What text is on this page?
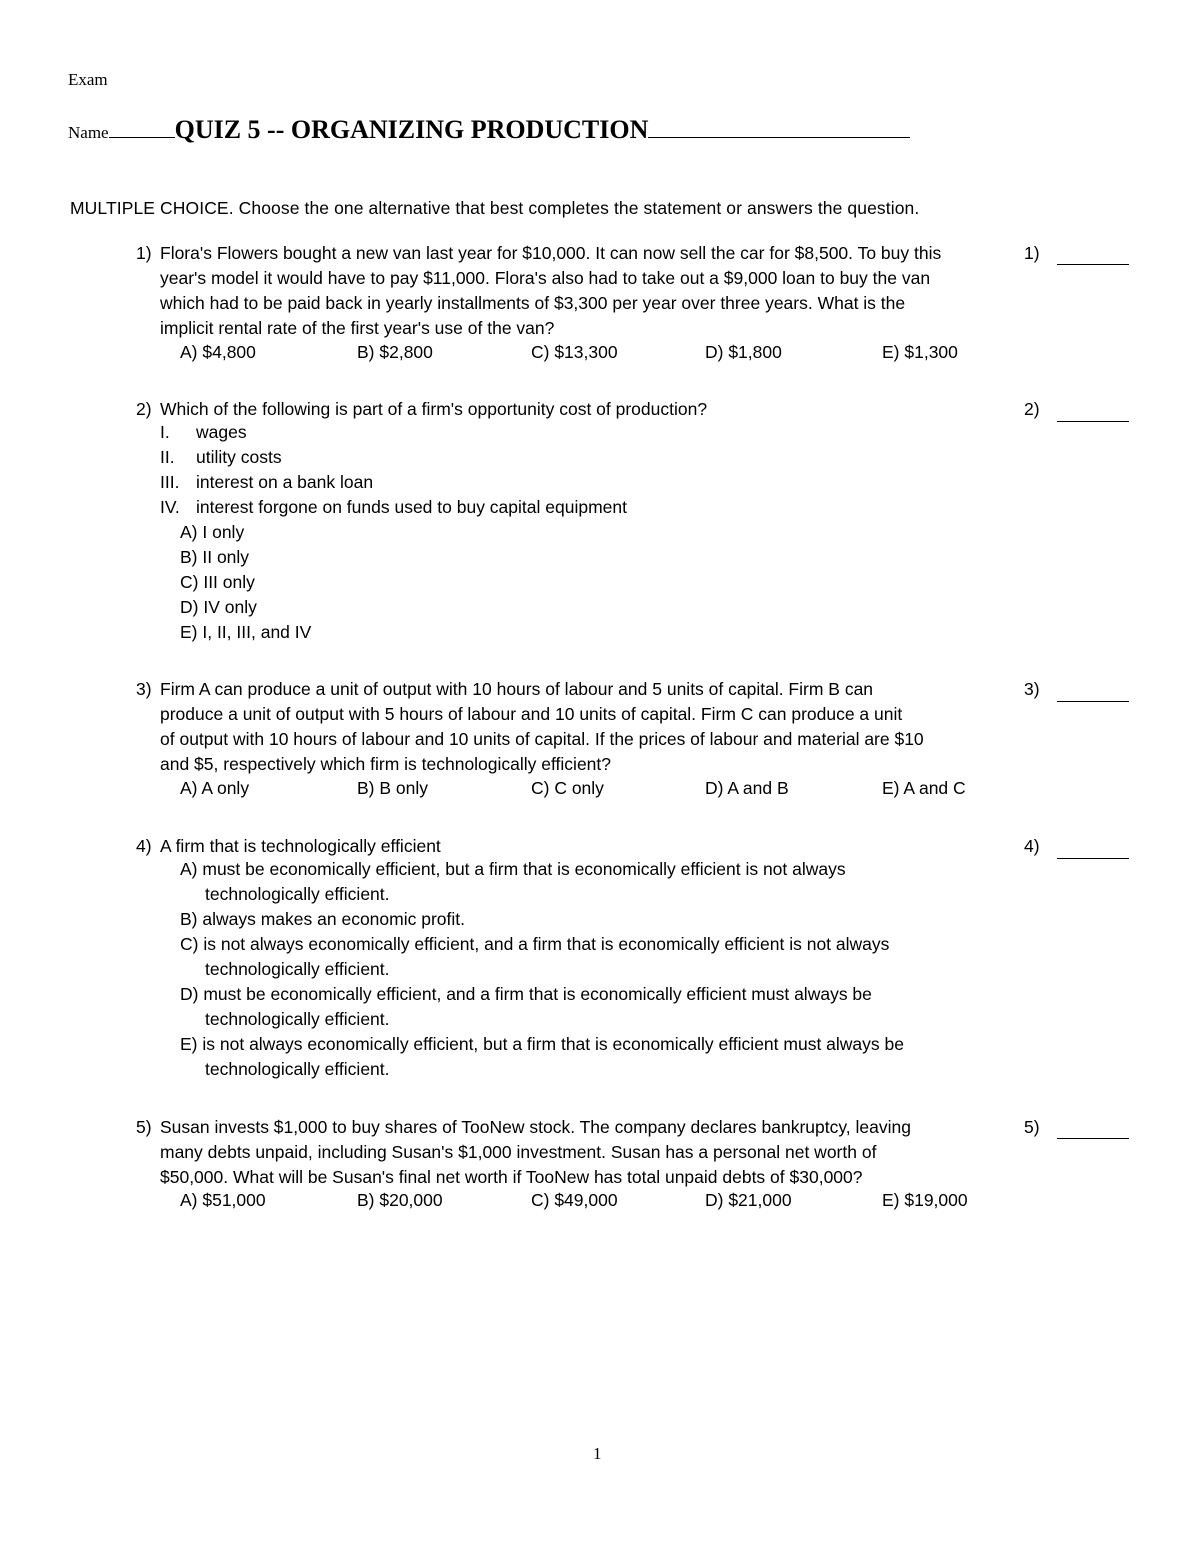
Exam
Name	QUIZ 5 -- ORGANIZING PRODUCTION
MULTIPLE CHOICE. Choose the one alternative that best completes the statement or answers the question.
1) Flora's Flowers bought a new van last year for $10,000. It can now sell the car for $8,500. To buy this
year's model it would have to pay $11,000. Flora's also had to take out a $9,000 loan to buy the van
which had to be paid back in yearly installments of $3,300 per year over three years. What is the
implicit rental rate of the first year's use of the van?
A) $4,800	B) $2,800	C) $13,300	D) $1,800	E) $1,300
1)
2) Which of the following is part of a firm's opportunity cost of production?
I. wages
II. utility costs
III. interest on a bank loan
IV. interest forgone on funds used to buy capital equipment
A) I only
B) II only
C) III only
D) IV only
E) I, II, III, and IV
2)
3) Firm A can produce a unit of output with 10 hours of labour and 5 units of capital. Firm B can
produce a unit of output with 5 hours of labour and 10 units of capital. Firm C can produce a unit
of output with 10 hours of labour and 10 units of capital. If the prices of labour and material are $10
and $5, respectively which firm is technologically efficient?
A) A only	B) B only	C) C only	D) A and B	E) A and C
3)
4) A firm that is technologically efficient
A) must be economically efficient, but a firm that is economically efficient is not always
technologically efficient.
B) always makes an economic profit.
C) is not always economically efficient, and a firm that is economically efficient is not always
technologically efficient.
D) must be economically efficient, and a firm that is economically efficient must always be
technologically efficient.
E) is not always economically efficient, but a firm that is economically efficient must always be
technologically efficient.
4)
5) Susan invests $1,000 to buy shares of TooNew stock. The company declares bankruptcy, leaving
many debts unpaid, including Susan's $1,000 investment. Susan has a personal net worth of
$50,000. What will be Susan's final net worth if TooNew has total unpaid debts of $30,000?
A) $51,000	B) $20,000	C) $49,000	D) $21,000	E) $19,000
5)
1
